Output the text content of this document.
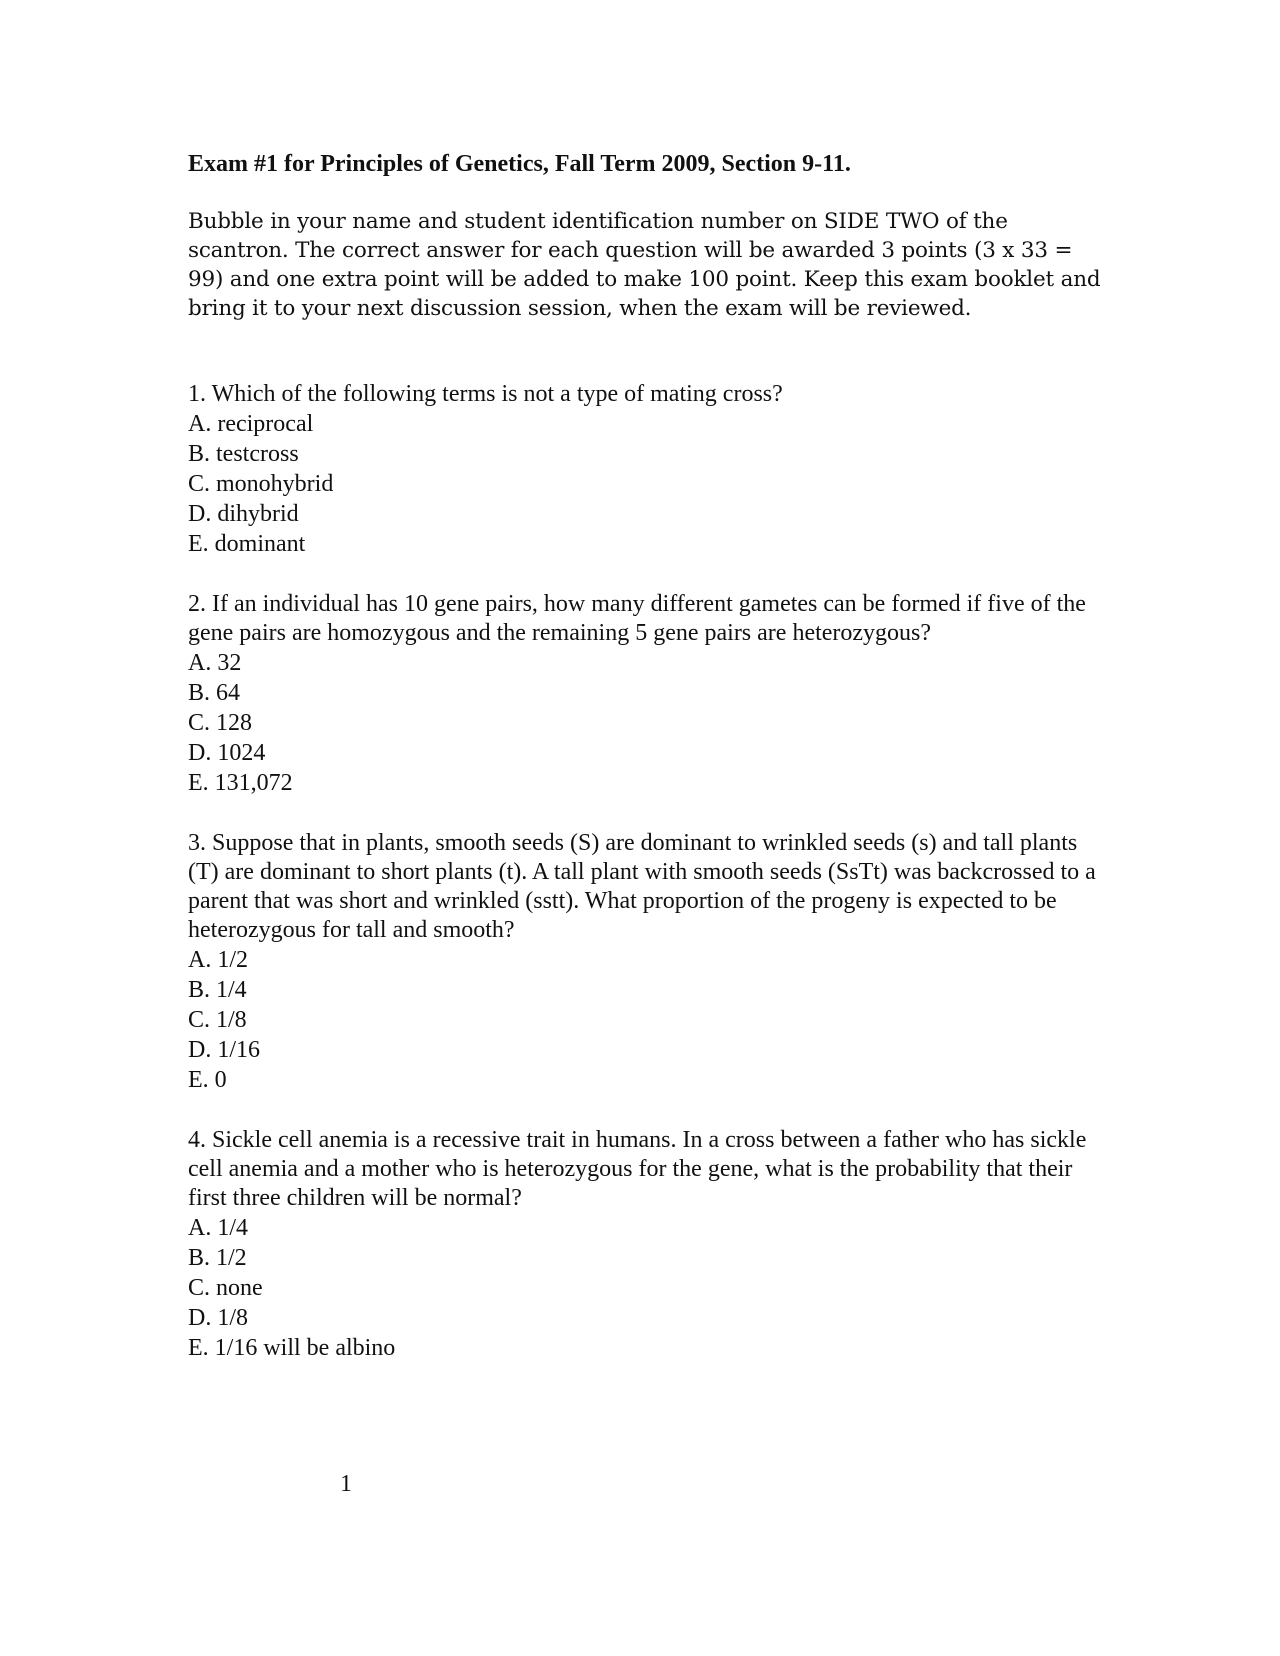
Exam #1 for Principles of Genetics, Fall Term 2009, Section 9-11.

Bubble in your name and student identification number on SIDE TWO of the scantron. The correct answer for each question will be awarded 3 points (3 x 33 = 99) and one extra point will be added to make 100 point. Keep this exam booklet and bring it to your next discussion session, when the exam will be reviewed.

1. Which of the following terms is not a type of mating cross?

A. reciprocal
B. testcross
C. monohybrid
D. dihybrid
E. dominant

2. If an individual has 10 gene pairs, how many different gametes can be formed if five of the gene pairs are homozygous and the remaining 5 gene pairs are heterozygous?

A. 32
B. 64
C. 128
D. 1024
E. 131,072

3. Suppose that in plants, smooth seeds (S) are dominant to wrinkled seeds (s) and tall plants (T) are dominant to short plants (t). A tall plant with smooth seeds (SsTt) was backcrossed to a parent that was short and wrinkled (sstt). What proportion of the progeny is expected to be heterozygous for tall and smooth?

A. 1/2
B. 1/4
C. 1/8
D. 1/16
E. 0

4. Sickle cell anemia is a recessive trait in humans. In a cross between a father who has sickle cell anemia and a mother who is heterozygous for the gene, what is the probability that their first three children will be normal?

A. 1/4
B. 1/2
C. none
D. 1/8
E. 1/16 will be albino
1
